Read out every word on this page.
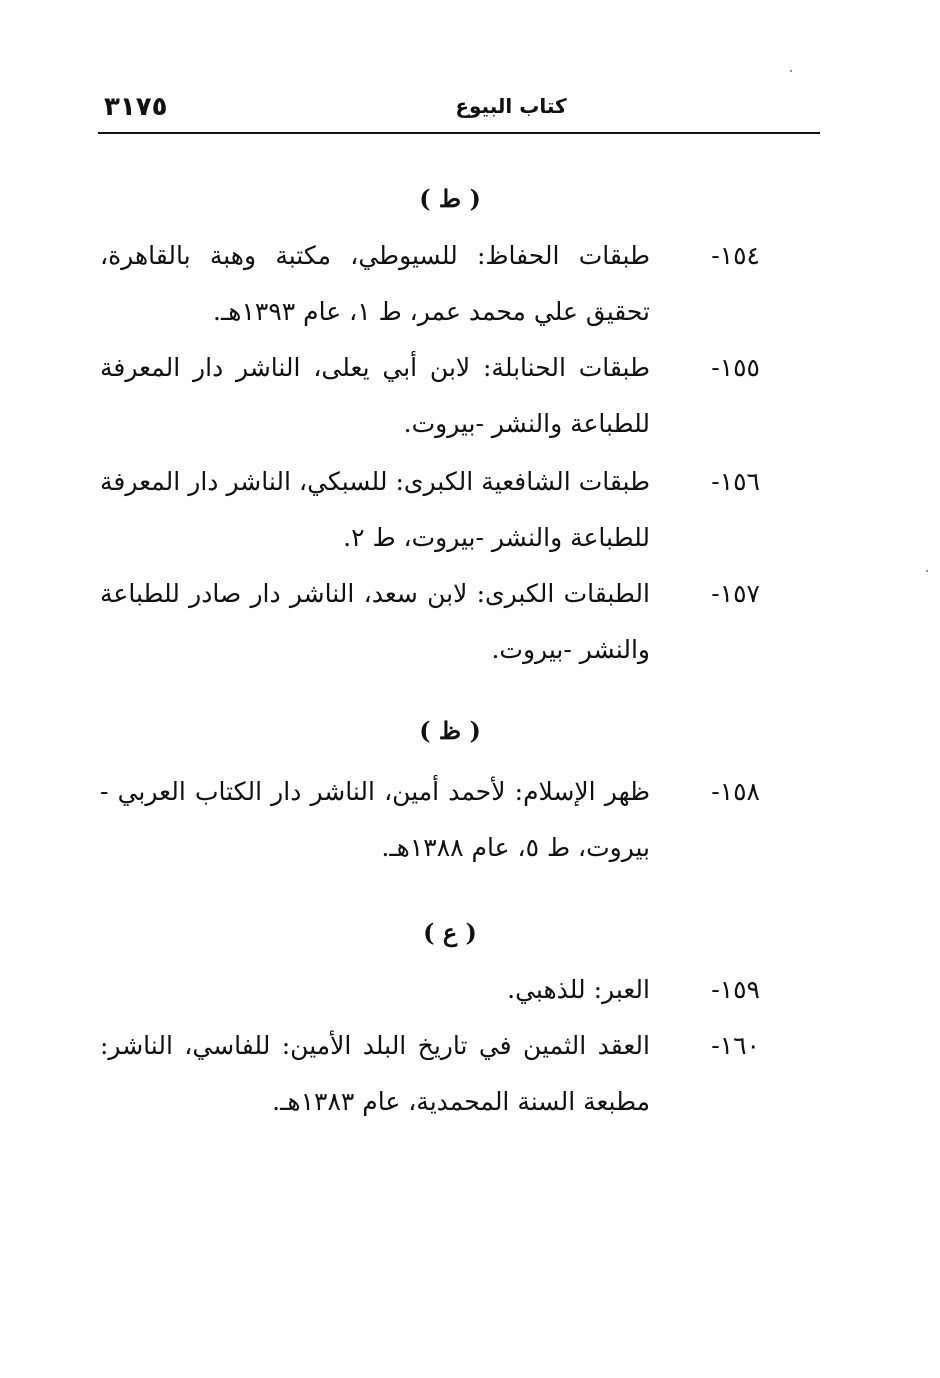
٣١٧٥	كتاب البيوع
( ط )
١٥٤-
طبقات الحفاظ: للسيوطي، مكتبة وهبة بالقاهرة، تحقيق علي محمد عمر، ط ١، عام ١٣٩٣هـ.
١٥٥-
طبقات الحنابلة: لابن أبي يعلى، الناشر دار المعرفة للطباعة والنشر -بيروت.
١٥٦-
طبقات الشافعية الكبرى: للسبكي، الناشر دار المعرفة للطباعة والنشر -بيروت، ط ٢.
١٥٧-
الطبقات الكبرى: لابن سعد، الناشر دار صادر للطباعة والنشر -بيروت.
( ظ )
١٥٨-
ظهر الإسلام: لأحمد أمين، الناشر دار الكتاب العربي - بيروت، ط ٥، عام ١٣٨٨هـ.
( ع )
١٥٩-
العبر: للذهبي.
١٦٠-
العقد الثمين في تاريخ البلد الأمين: للفاسي، الناشر: مطبعة السنة المحمدية، عام ١٣٨٣هـ.
